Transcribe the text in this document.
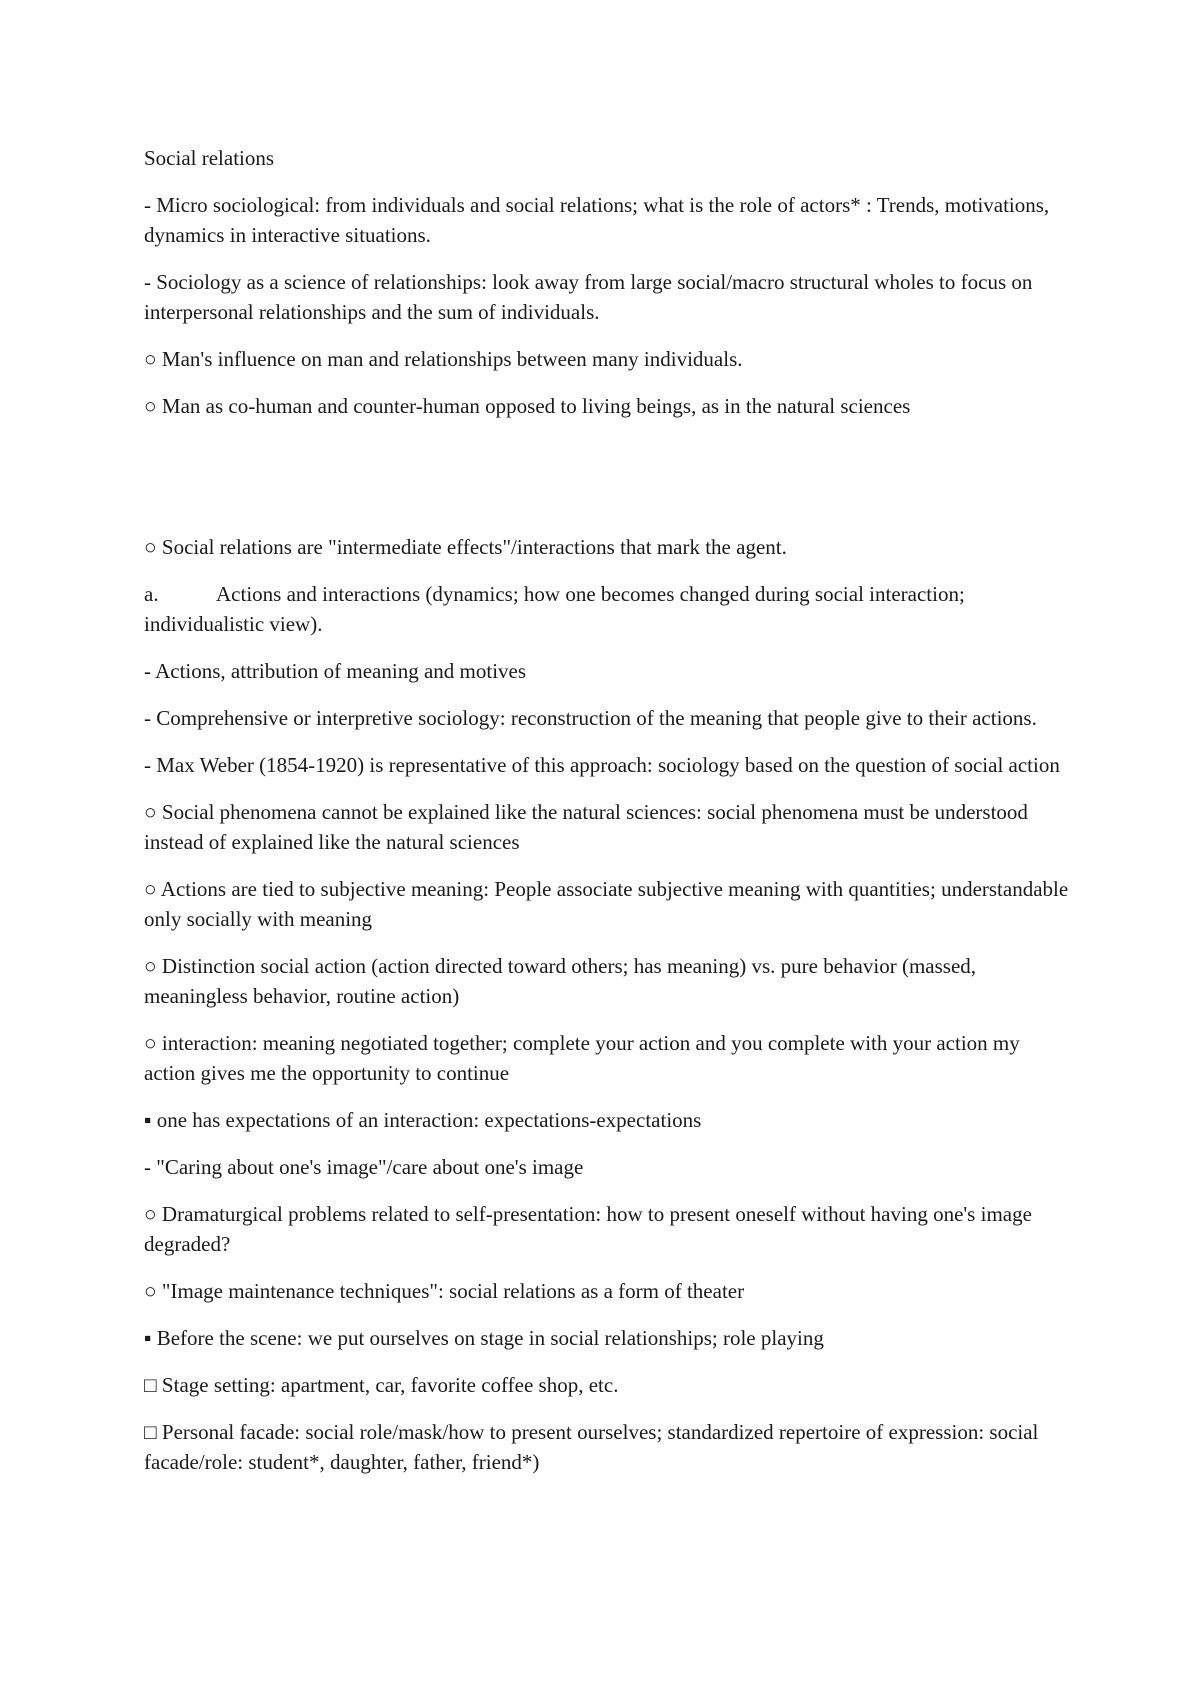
Social relations

- Micro sociological: from individuals and social relations; what is the role of actors* : Trends, motivations, dynamics in interactive situations.

- Sociology as a science of relationships: look away from large social/macro structural wholes to focus on interpersonal relationships and the sum of individuals.

○ Man's influence on man and relationships between many individuals.

○ Man as co-human and counter-human opposed to living beings, as in the natural sciences

○ Social relations are "intermediate effects"/interactions that mark the agent.

a.	Actions and interactions (dynamics; how one becomes changed during social interaction; individualistic view).

- Actions, attribution of meaning and motives

- Comprehensive or interpretive sociology: reconstruction of the meaning that people give to their actions.

- Max Weber (1854-1920) is representative of this approach: sociology based on the question of social action

○ Social phenomena cannot be explained like the natural sciences: social phenomena must be understood instead of explained like the natural sciences

○ Actions are tied to subjective meaning: People associate subjective meaning with quantities; understandable only socially with meaning

○ Distinction social action (action directed toward others; has meaning) vs. pure behavior (massed, meaningless behavior, routine action)

○ interaction: meaning negotiated together; complete your action and you complete with your action my action gives me the opportunity to continue

▪ one has expectations of an interaction: expectations-expectations

- "Caring about one's image"/care about one's image

○ Dramaturgical problems related to self-presentation: how to present oneself without having one's image degraded?

○ "Image maintenance techniques": social relations as a form of theater

▪ Before the scene: we put ourselves on stage in social relationships; role playing

□ Stage setting: apartment, car, favorite coffee shop, etc.

□ Personal facade: social role/mask/how to present ourselves; standardized repertoire of expression: social facade/role: student*, daughter, father, friend*)
